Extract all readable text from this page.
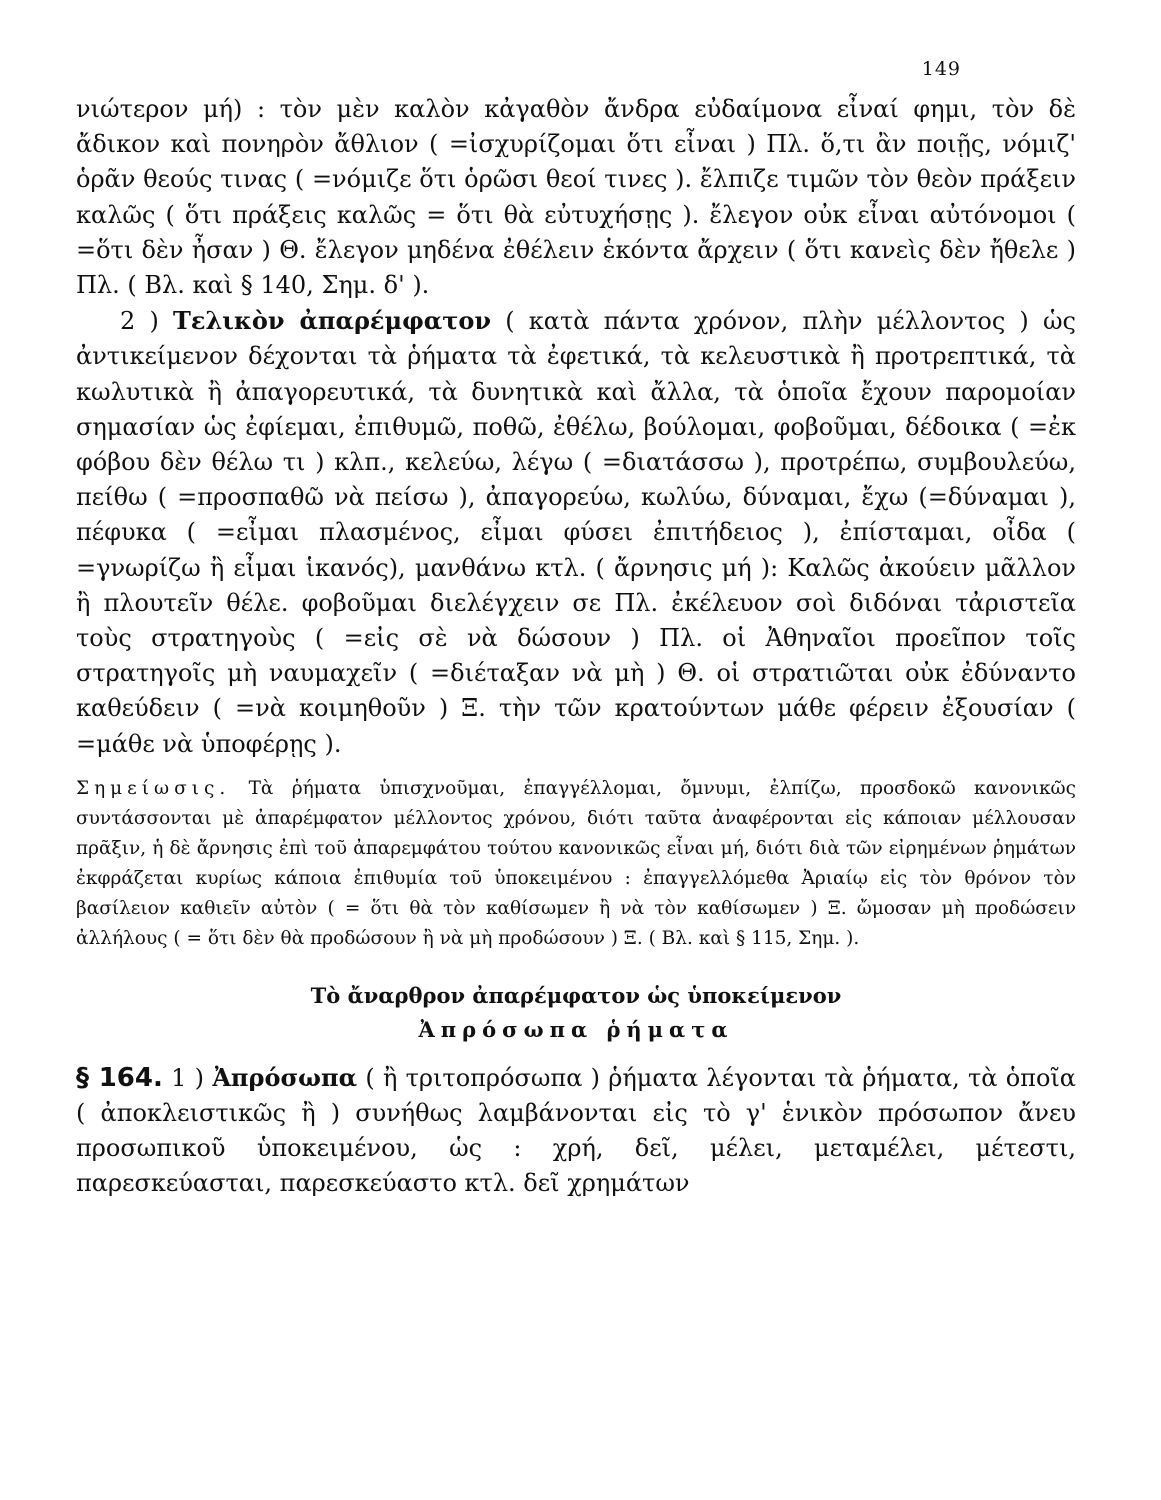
149

νιώτερον μή) : τὸν μὲν καλὸν κἀγαθὸν ἄνδρα εὐδαίμονα εἶναί φημι, τὸν δὲ ἄδικον καὶ πονηρὸν ἄθλιον ( =ἰσχυρίζομαι ὅτι εἶναι ) Πλ. ὅ,τι ἂν ποιῇς, νόμιζ' ὁρᾶν θεούς τινας ( =νόμιζε ὅτι ὁρῶσι θεοί τινες ). ἔλπιζε τιμῶν τὸν θεὸν πράξειν καλῶς ( ὅτι πράξεις καλῶς = ὅτι θὰ εὐτυχήσῃς ). ἔλεγον οὐκ εἶναι αὐτόνομοι ( =ὅτι δὲν ἦσαν ) Θ. ἔλεγον μηδένα ἐθέλειν ἑκόντα ἄρχειν ( ὅτι κανεὶς δὲν ἤθελε ) Πλ. ( Βλ. καὶ § 140, Σημ. δ' ).

2 ) Τελικὸν ἀπαρέμφατον ( κατὰ πάντα χρόνον, πλὴν μέλλοντος ) ὡς ἀντικείμενον δέχονται τὰ ῥήματα τὰ ἐφετικά, τὰ κελευστικὰ ἢ προτρεπτικά, τὰ κωλυτικὰ ἢ ἀπαγορευτικά, τὰ δυνητικὰ καὶ ἄλλα, τὰ ὁποῖα ἔχουν παρομοίαν σημασίαν ὡς ἐφίεμαι, ἐπιθυμῶ, ποθῶ, ἐθέλω, βούλομαι, φοβοῦμαι, δέδοικα ( =ἐκ φόβου δὲν θέλω τι ) κλπ., κελεύω, λέγω ( =διατάσσω ), προτρέπω, συμβουλεύω, πείθω ( =προσπαθῶ νὰ πείσω ), ἀπαγορεύω, κωλύω, δύναμαι, ἔχω (=δύναμαι ), πέφυκα ( =εἶμαι πλασμένος, εἶμαι φύσει ἐπιτήδειος ), ἐπίσταμαι, οἶδα ( =γνωρίζω ἢ εἶμαι ἱκανός), μανθάνω κτλ. ( ἄρνησις μή ): Καλῶς ἀκούειν μᾶλλον ἢ πλουτεῖν θέλε. φοβοῦμαι διελέγχειν σε Πλ. ἐκέλευον σοὶ διδόναι τἀριστεῖα τοὺς στρατηγοὺς ( =εἰς σὲ νὰ δώσουν ) Πλ. οἱ Ἀθηναῖοι προεῖπον τοῖς στρατηγοῖς μὴ ναυμαχεῖν ( =διέταξαν νὰ μὴ ) Θ. οἱ στρατιῶται οὐκ ἐδύναντο καθεύδειν ( =νὰ κοιμηθοῦν ) Ξ. τὴν τῶν κρατούντων μάθε φέρειν ἐξουσίαν ( =μάθε νὰ ὑποφέρῃς ).

Σημείωσις. Τὰ ῥήματα ὑπισχνοῦμαι, ἐπαγγέλλομαι, ὄμνυμι, ἐλπίζω, προσδοκῶ κανονικῶς συντάσσονται μὲ ἀπαρέμφατον μέλλοντος χρόνου, διότι ταῦτα ἀναφέρονται εἰς κάποιαν μέλλουσαν πρᾶξιν, ἡ δὲ ἄρνησις ἐπὶ τοῦ ἀπαρεμφάτου τούτου κανονικῶς εἶναι μή, διότι διὰ τῶν εἰρημένων ῥημάτων ἐκφράζεται κυρίως κάποια ἐπιθυμία τοῦ ὑποκειμένου : ἐπαγγελλόμεθα Ἀριαίῳ εἰς τὸν θρόνον τὸν βασίλειον καθιεῖν αὐτὸν ( = ὅτι θὰ τὸν καθίσωμεν ἢ νὰ τὸν καθίσωμεν ) Ξ. ὤμοσαν μὴ προδώσειν ἀλλήλους ( = ὅτι δὲν θὰ προδώσουν ἢ νὰ μὴ προδώσουν ) Ξ. ( Βλ. καὶ § 115, Σημ. ).

Τὸ ἄναρθρον ἀπαρέμφατον ὡς ὑποκείμενον
Ἀπρόσωπα ῥήματα

§ 164. 1 ) Ἀπρόσωπα ( ἢ τριτοπρόσωπα ) ῥήματα λέγονται τὰ ῥήματα, τὰ ὁποῖα ( ἀποκλειστικῶς ἢ ) συνήθως λαμβάνονται εἰς τὸ γ' ἑνικὸν πρόσωπον ἄνευ προσωπικοῦ ὑποκειμένου, ὡς : χρή, δεῖ, μέλει, μεταμέλει, μέτεστι, παρεσκεύασται, παρεσκεύαστο κτλ. δεῖ χρημάτων
